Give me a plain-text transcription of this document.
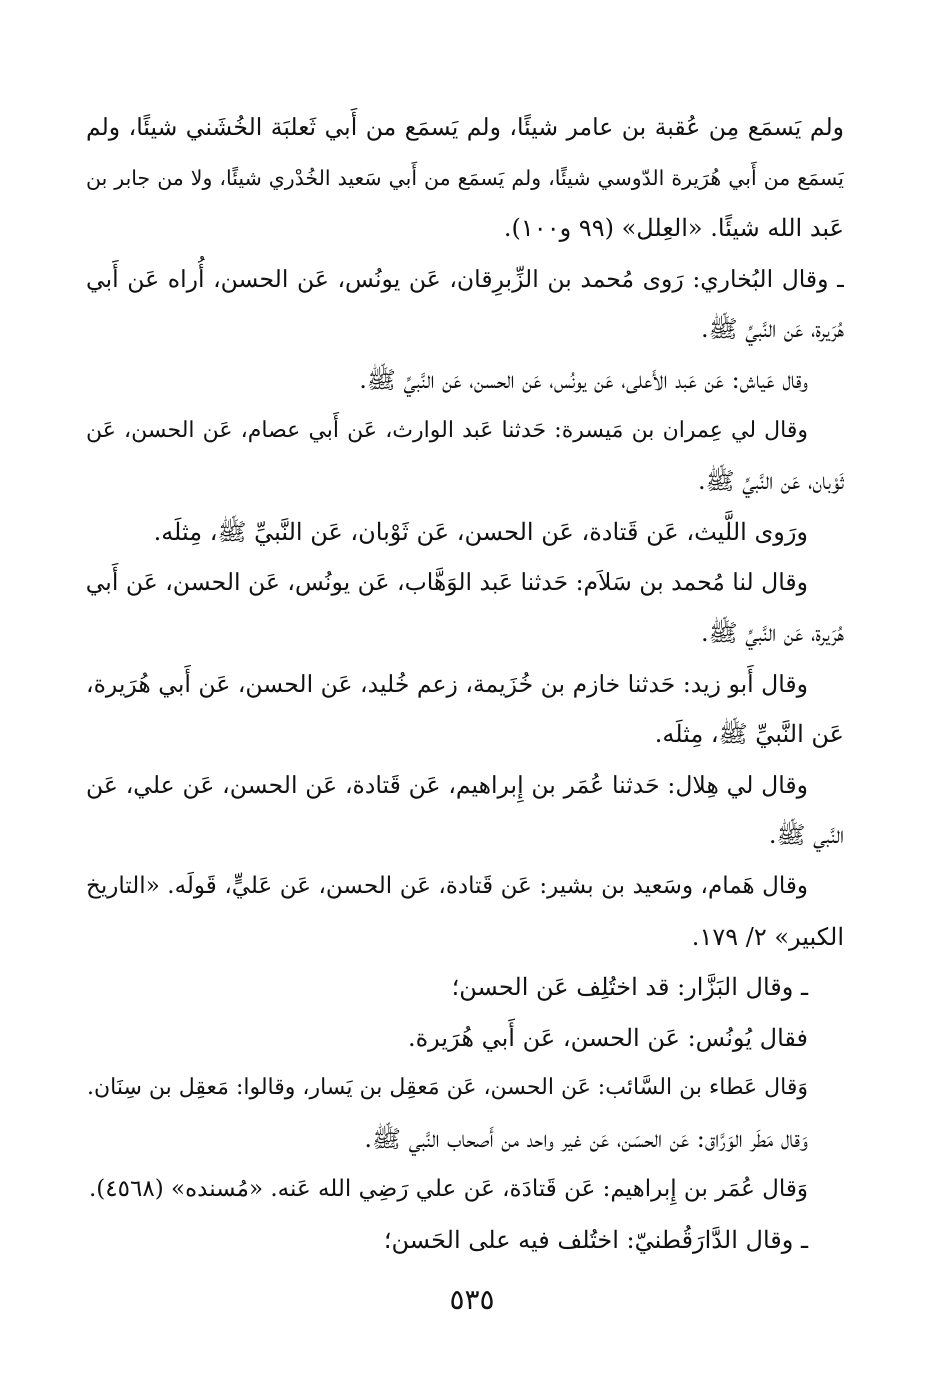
ولم يَسمَع مِن عُقبة بن عامر شيئًا، ولم يَسمَع من أَبي ثَعلبَة الخُشَني شيئًا، ولم
يَسمَع من أَبي هُرَيرة الدّوسي شيئًا، ولم يَسمَع من أَبي سَعيد الخُدْري شيئًا، ولا من جابر بن
عَبد الله شيئًا. «العِلل» (٩٩ و١٠٠).
ـ وقال البُخاري: رَوى مُحمد بن الزِّبرِقان، عَن يونُس، عَن الحسن، أُراه عَن أَبي
هُرَيرة، عَن النَّبيِّ ﷺ.
وقال عَياش: عَن عَبد الأَعلى، عَن يونُس، عَن الحسن، عَن النَّبيِّ ﷺ.
وقال لي عِمران بن مَيسرة: حَدثنا عَبد الوارث، عَن أَبي عصام، عَن الحسن، عَن
ثَوْبان، عَن النَّبيِّ ﷺ.
ورَوى اللَّيث، عَن قَتادة، عَن الحسن، عَن ثَوْبان، عَن النَّبيِّ ﷺ، مِثلَه.
وقال لنا مُحمد بن سَلاَم: حَدثنا عَبد الوَهَّاب، عَن يونُس، عَن الحسن، عَن أَبي
هُرَيرة، عَن النَّبيِّ ﷺ.
وقال أَبو زيد: حَدثنا خازم بن خُزَيمة، زعم خُليد، عَن الحسن، عَن أَبي هُرَيرة،
عَن النَّبيِّ ﷺ، مِثلَه.
وقال لي هِلال: حَدثنا عُمَر بن إِبراهيم، عَن قَتادة، عَن الحسن، عَن علي، عَن
النَّبي ﷺ.
وقال هَمام، وسَعيد بن بشير: عَن قَتادة، عَن الحسن، عَن عَليٍّ، قَولَه. «التاريخ
الكبير» ٢/ ١٧٩.
ـ وقال البَزَّار: قد اختُلِف عَن الحسن؛
فقال يُونُس: عَن الحسن، عَن أَبي هُرَيرة.
وَقال عَطاء بن السَّائب: عَن الحسن، عَن مَعقِل بن يَسار، وقالوا: مَعقِل بن سِنَان.
وَقال مَطَر الوَرَّاق: عَن الحسَن، عَن غير واحد من أَصحاب النَّبي ﷺ.
وَقال عُمَر بن إِبراهيم: عَن قَتادَة، عَن علي رَضِي الله عَنه. «مُسنده» (٤٥٦٨).
ـ وقال الدَّارَقُطنيّ: اختُلف فيه على الحَسن؛
٥٣٥
